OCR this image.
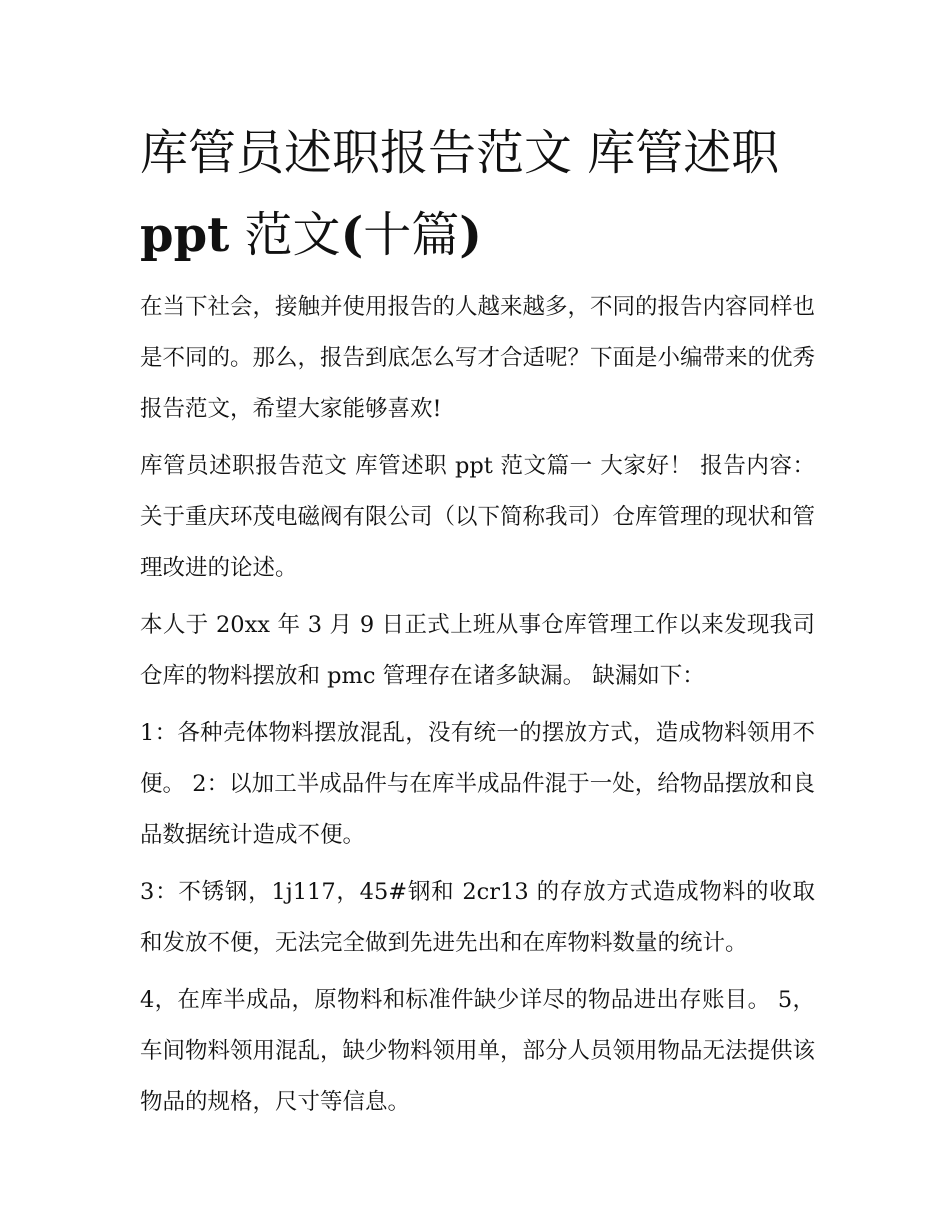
库管员述职报告范文 库管述职 ppt 范文(十篇)

在当下社会，接触并使用报告的人越来越多，不同的报告内容同样也是不同的。那么，报告到底怎么写才合适呢？下面是小编带来的优秀报告范文，希望大家能够喜欢!

库管员述职报告范文 库管述职 ppt 范文篇一 大家好！ 报告内容：关于重庆环茂电磁阀有限公司（以下简称我司）仓库管理的现状和管理改进的论述。

本人于 20xx 年 3 月 9 日正式上班从事仓库管理工作以来发现我司仓库的物料摆放和 pmc 管理存在诸多缺漏。 缺漏如下：

1：各种壳体物料摆放混乱，没有统一的摆放方式，造成物料领用不便。 2：以加工半成品件与在库半成品件混于一处，给物品摆放和良品数据统计造成不便。

3：不锈钢，1j117，45#钢和 2cr13 的存放方式造成物料的收取和发放不便，无法完全做到先进先出和在库物料数量的统计。

4，在库半成品，原物料和标准件缺少详尽的物品进出存账目。 5，车间物料领用混乱，缺少物料领用单，部分人员领用物品无法提供该物品的规格，尺寸等信息。
